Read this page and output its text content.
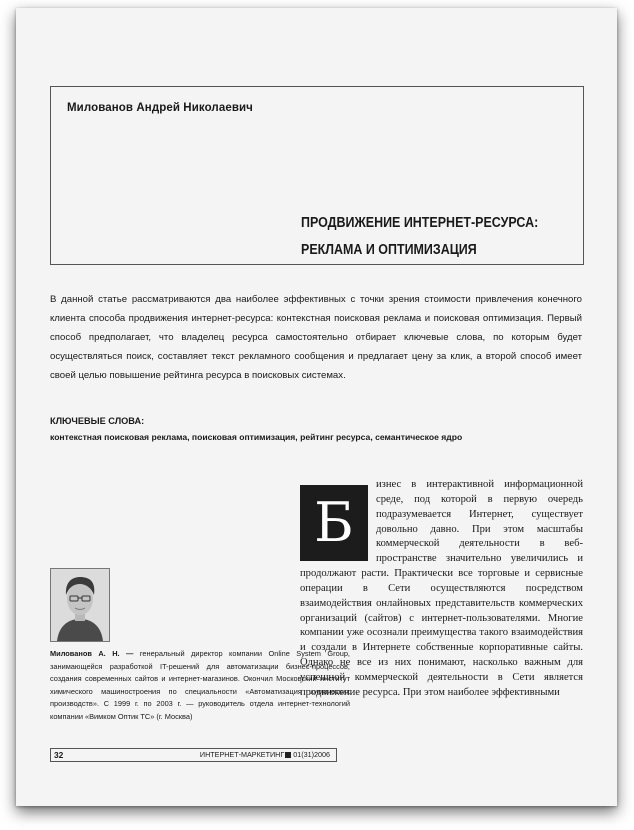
Милованов Андрей Николаевич
ПРОДВИЖЕНИЕ ИНТЕРНЕТ-РЕСУРСА:
РЕКЛАМА И ОПТИМИЗАЦИЯ
В данной статье рассматриваются два наиболее эффективных с точки зрения стоимости привлечения конечного клиента способа продвижения интернет-ресурса: контекстная поисковая реклама и поисковая оптимизация. Первый способ предполагает, что владелец ресурса самостоятельно отбирает ключевые слова, по которым будет осуществляться поиск, составляет текст рекламного сообщения и предлагает цену за клик, а второй способ имеет своей целью повышение рейтинга ресурса в поисковых системах.
КЛЮЧЕВЫЕ СЛОВА:
контекстная поисковая реклама, поисковая оптимизация, рейтинг ресурса, семантическое ядро
Б
изнес в интерактивной информационной среде, под которой в первую очередь подразумевается Интернет, существует довольно давно. При этом масштабы коммерческой деятельности в веб-пространстве значительно увеличились и продолжают расти. Практически все торговые и сервисные операции в Сети осуществляются посредством взаимодействия онлайновых представительств коммерческих организаций (сайтов) с интернет-пользователями. Многие компании уже осознали преимущества такого взаимодействия и создали в Интернете собственные корпоративные сайты. Однако не все из них понимают, насколько важным для успешной коммерческой деятельности в Сети является продвижение ресурса. При этом наиболее эффективными
Милованов А. Н. — генеральный директор компании Online System Group, занимающейся разработкой IT-решений для автоматизации бизнес-процессов, создания современных сайтов и интернет-магазинов. Окончил Московский институт химического машиностроения по специальности «Автоматизация химических производств». С 1999 г. по 2003 г. — руководитель отдела интернет-технологий компании «Вимком Оптик ТС» (г. Москва)
32	ИНТЕРНЕТ-МАРКЕТИНГ 01(31)2006
